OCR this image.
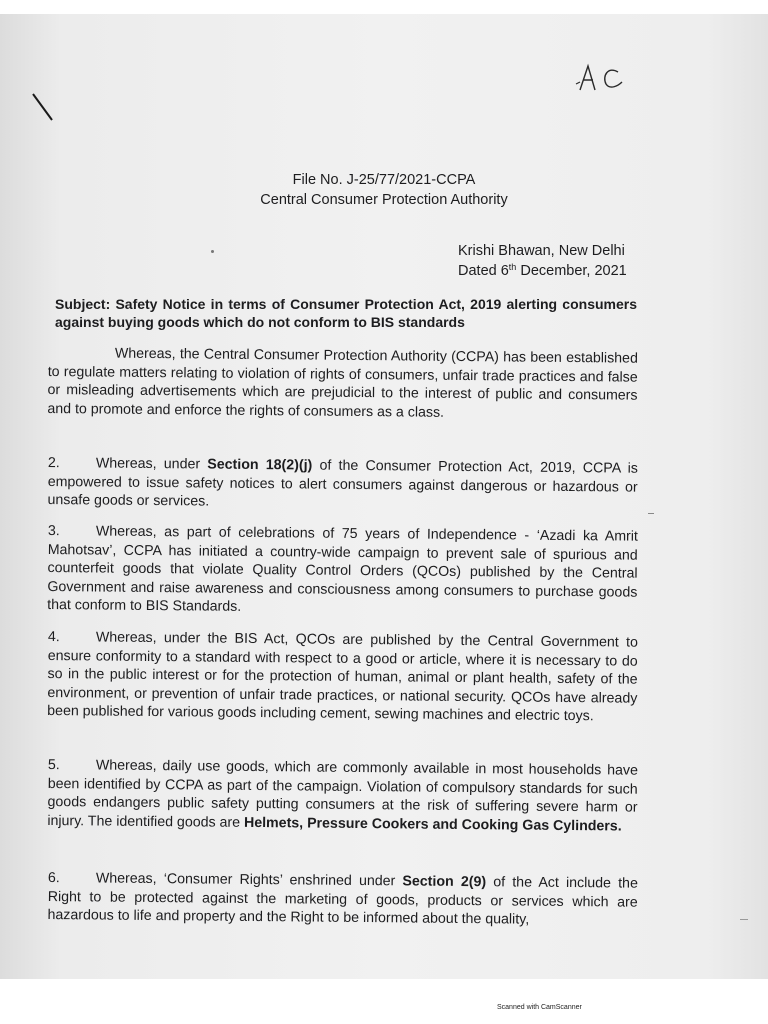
File No. J-25/77/2021-CCPA
Central Consumer Protection Authority
Krishi Bhawan, New Delhi
Dated 6th December, 2021
Subject: Safety Notice in terms of Consumer Protection Act, 2019 alerting consumers against buying goods which do not conform to BIS standards
Whereas, the Central Consumer Protection Authority (CCPA) has been established to regulate matters relating to violation of rights of consumers, unfair trade practices and false or misleading advertisements which are prejudicial to the interest of public and consumers and to promote and enforce the rights of consumers as a class.
2.	Whereas, under Section 18(2)(j) of the Consumer Protection Act, 2019, CCPA is empowered to issue safety notices to alert consumers against dangerous or hazardous or unsafe goods or services.
3.	Whereas, as part of celebrations of 75 years of Independence - ‘Azadi ka Amrit Mahotsav’, CCPA has initiated a country-wide campaign to prevent sale of spurious and counterfeit goods that violate Quality Control Orders (QCOs) published by the Central Government and raise awareness and consciousness among consumers to purchase goods that conform to BIS Standards.
4.	Whereas, under the BIS Act, QCOs are published by the Central Government to ensure conformity to a standard with respect to a good or article, where it is necessary to do so in the public interest or for the protection of human, animal or plant health, safety of the environment, or prevention of unfair trade practices, or national security. QCOs have already been published for various goods including cement, sewing machines and electric toys.
5.	Whereas, daily use goods, which are commonly available in most households have been identified by CCPA as part of the campaign. Violation of compulsory standards for such goods endangers public safety putting consumers at the risk of suffering severe harm or injury. The identified goods are Helmets, Pressure Cookers and Cooking Gas Cylinders.
6.	Whereas, ‘Consumer Rights’ enshrined under Section 2(9) of the Act include the Right to be protected against the marketing of goods, products or services which are hazardous to life and property and the Right to be informed about the quality,
Scanned with CamScanner
